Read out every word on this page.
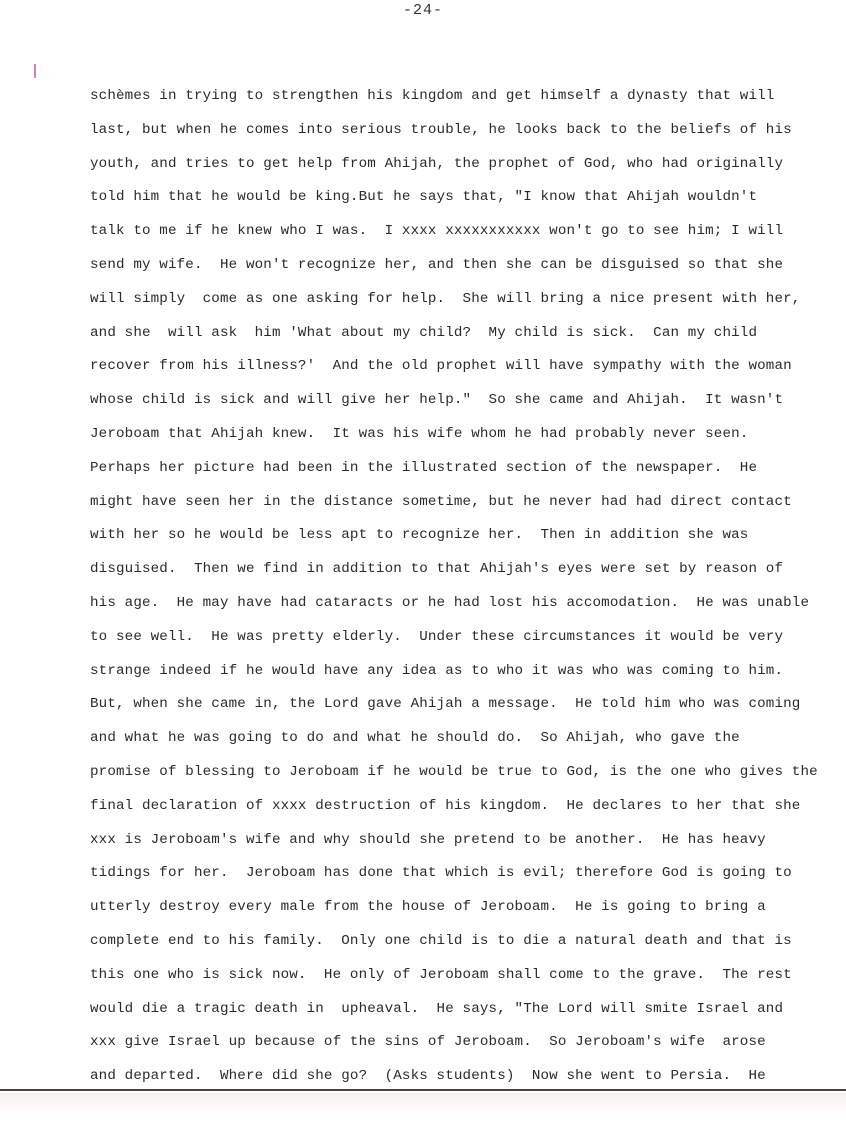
-24-
schèmes in trying to strengthen his kingdom and get himself a dynasty that will
last, but when he comes into serious trouble, he looks back to the beliefs of his
youth, and tries to get help from Ahijah, the prophet of God, who had originally
told him that he would be king.But he says that, "I know that Ahijah wouldn't
talk to me if he knew who I was.  I xxxx xxxxxxxxxxx won't go to see him; I will
send my wife.  He won't recognize her, and then she can be disguised so that she
will simply  come as one asking for help.  She will bring a nice present with her,
and she  will ask  him 'What about my child?  My child is sick.  Can my child
recover from his illness?'  And the old prophet will have sympathy with the woman
whose child is sick and will give her help."  So she came and Ahijah.  It wasn't
Jeroboam that Ahijah knew.  It was his wife whom he had probably never seen.
Perhaps her picture had been in the illustrated section of the newspaper.  He
might have seen her in the distance sometime, but he never had had direct contact
with her so he would be less apt to recognize her.  Then in addition she was
disguised.  Then we find in addition to that Ahijah's eyes were set by reason of
his age.  He may have had cataracts or he had lost his accomodation.  He was unable
to see well.  He was pretty elderly.  Under these circumstances it would be very
strange indeed if he would have any idea as to who it was who was coming to him.
But, when she came in, the Lord gave Ahijah a message.  He told him who was coming
and what he was going to do and what he should do.  So Ahijah, who gave the
promise of blessing to Jeroboam if he would be true to God, is the one who gives the
final declaration of xxxx destruction of his kingdom.  He declares to her that she
xxx is Jeroboam's wife and why should she pretend to be another.  He has heavy
tidings for her.  Jeroboam has done that which is evil; therefore God is going to
utterly destroy every male from the house of Jeroboam.  He is going to bring a
complete end to his family.  Only one child is to die a natural death and that is
this one who is sick now.  He only of Jeroboam shall come to the grave.  The rest
would die a tragic death in  upheaval.  He says, "The Lord will smite Israel and
xxx give Israel up because of the sins of Jeroboam.  So Jeroboam's wife  arose
and departed.  Where did she go?  (Asks students)  Now she went to Persia.  He
